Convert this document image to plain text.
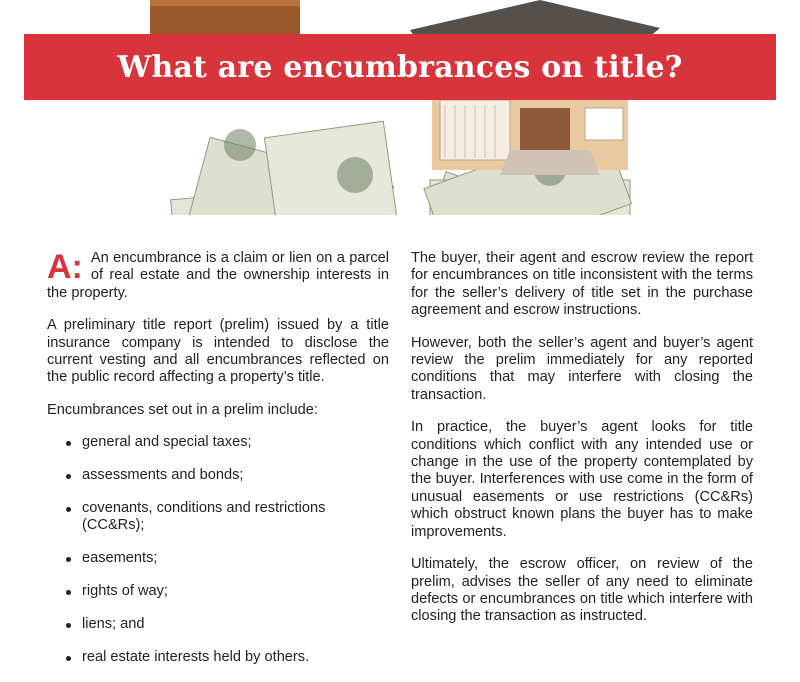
What are encumbrances on title?

A: An encumbrance is a claim or lien on a parcel of real estate and the ownership interests in the property.

A preliminary title report (prelim) issued by a title insurance company is intended to disclose the current vesting and all encumbrances reflected on the public record affecting a property’s title.

Encumbrances set out in a prelim include:

general and special taxes;
assessments and bonds;
covenants, conditions and restrictions (CC&Rs);
easements;
rights of way;
liens; and
real estate interests held by others.

The buyer, their agent and escrow review the report for encumbrances on title inconsistent with the terms for the seller’s delivery of title set in the purchase agreement and escrow instructions.

However, both the seller’s agent and buyer’s agent review the prelim immediately for any reported conditions that may interfere with closing the transaction.

In practice, the buyer’s agent looks for title conditions which conflict with any intended use or change in the use of the property contemplated by the buyer. Interferences with use come in the form of unusual easements or use restrictions (CC&Rs) which obstruct known plans the buyer has to make improvements.

Ultimately, the escrow officer, on review of the prelim, advises the seller of any need to eliminate defects or encumbrances on title which interfere with closing the transaction as instructed.
